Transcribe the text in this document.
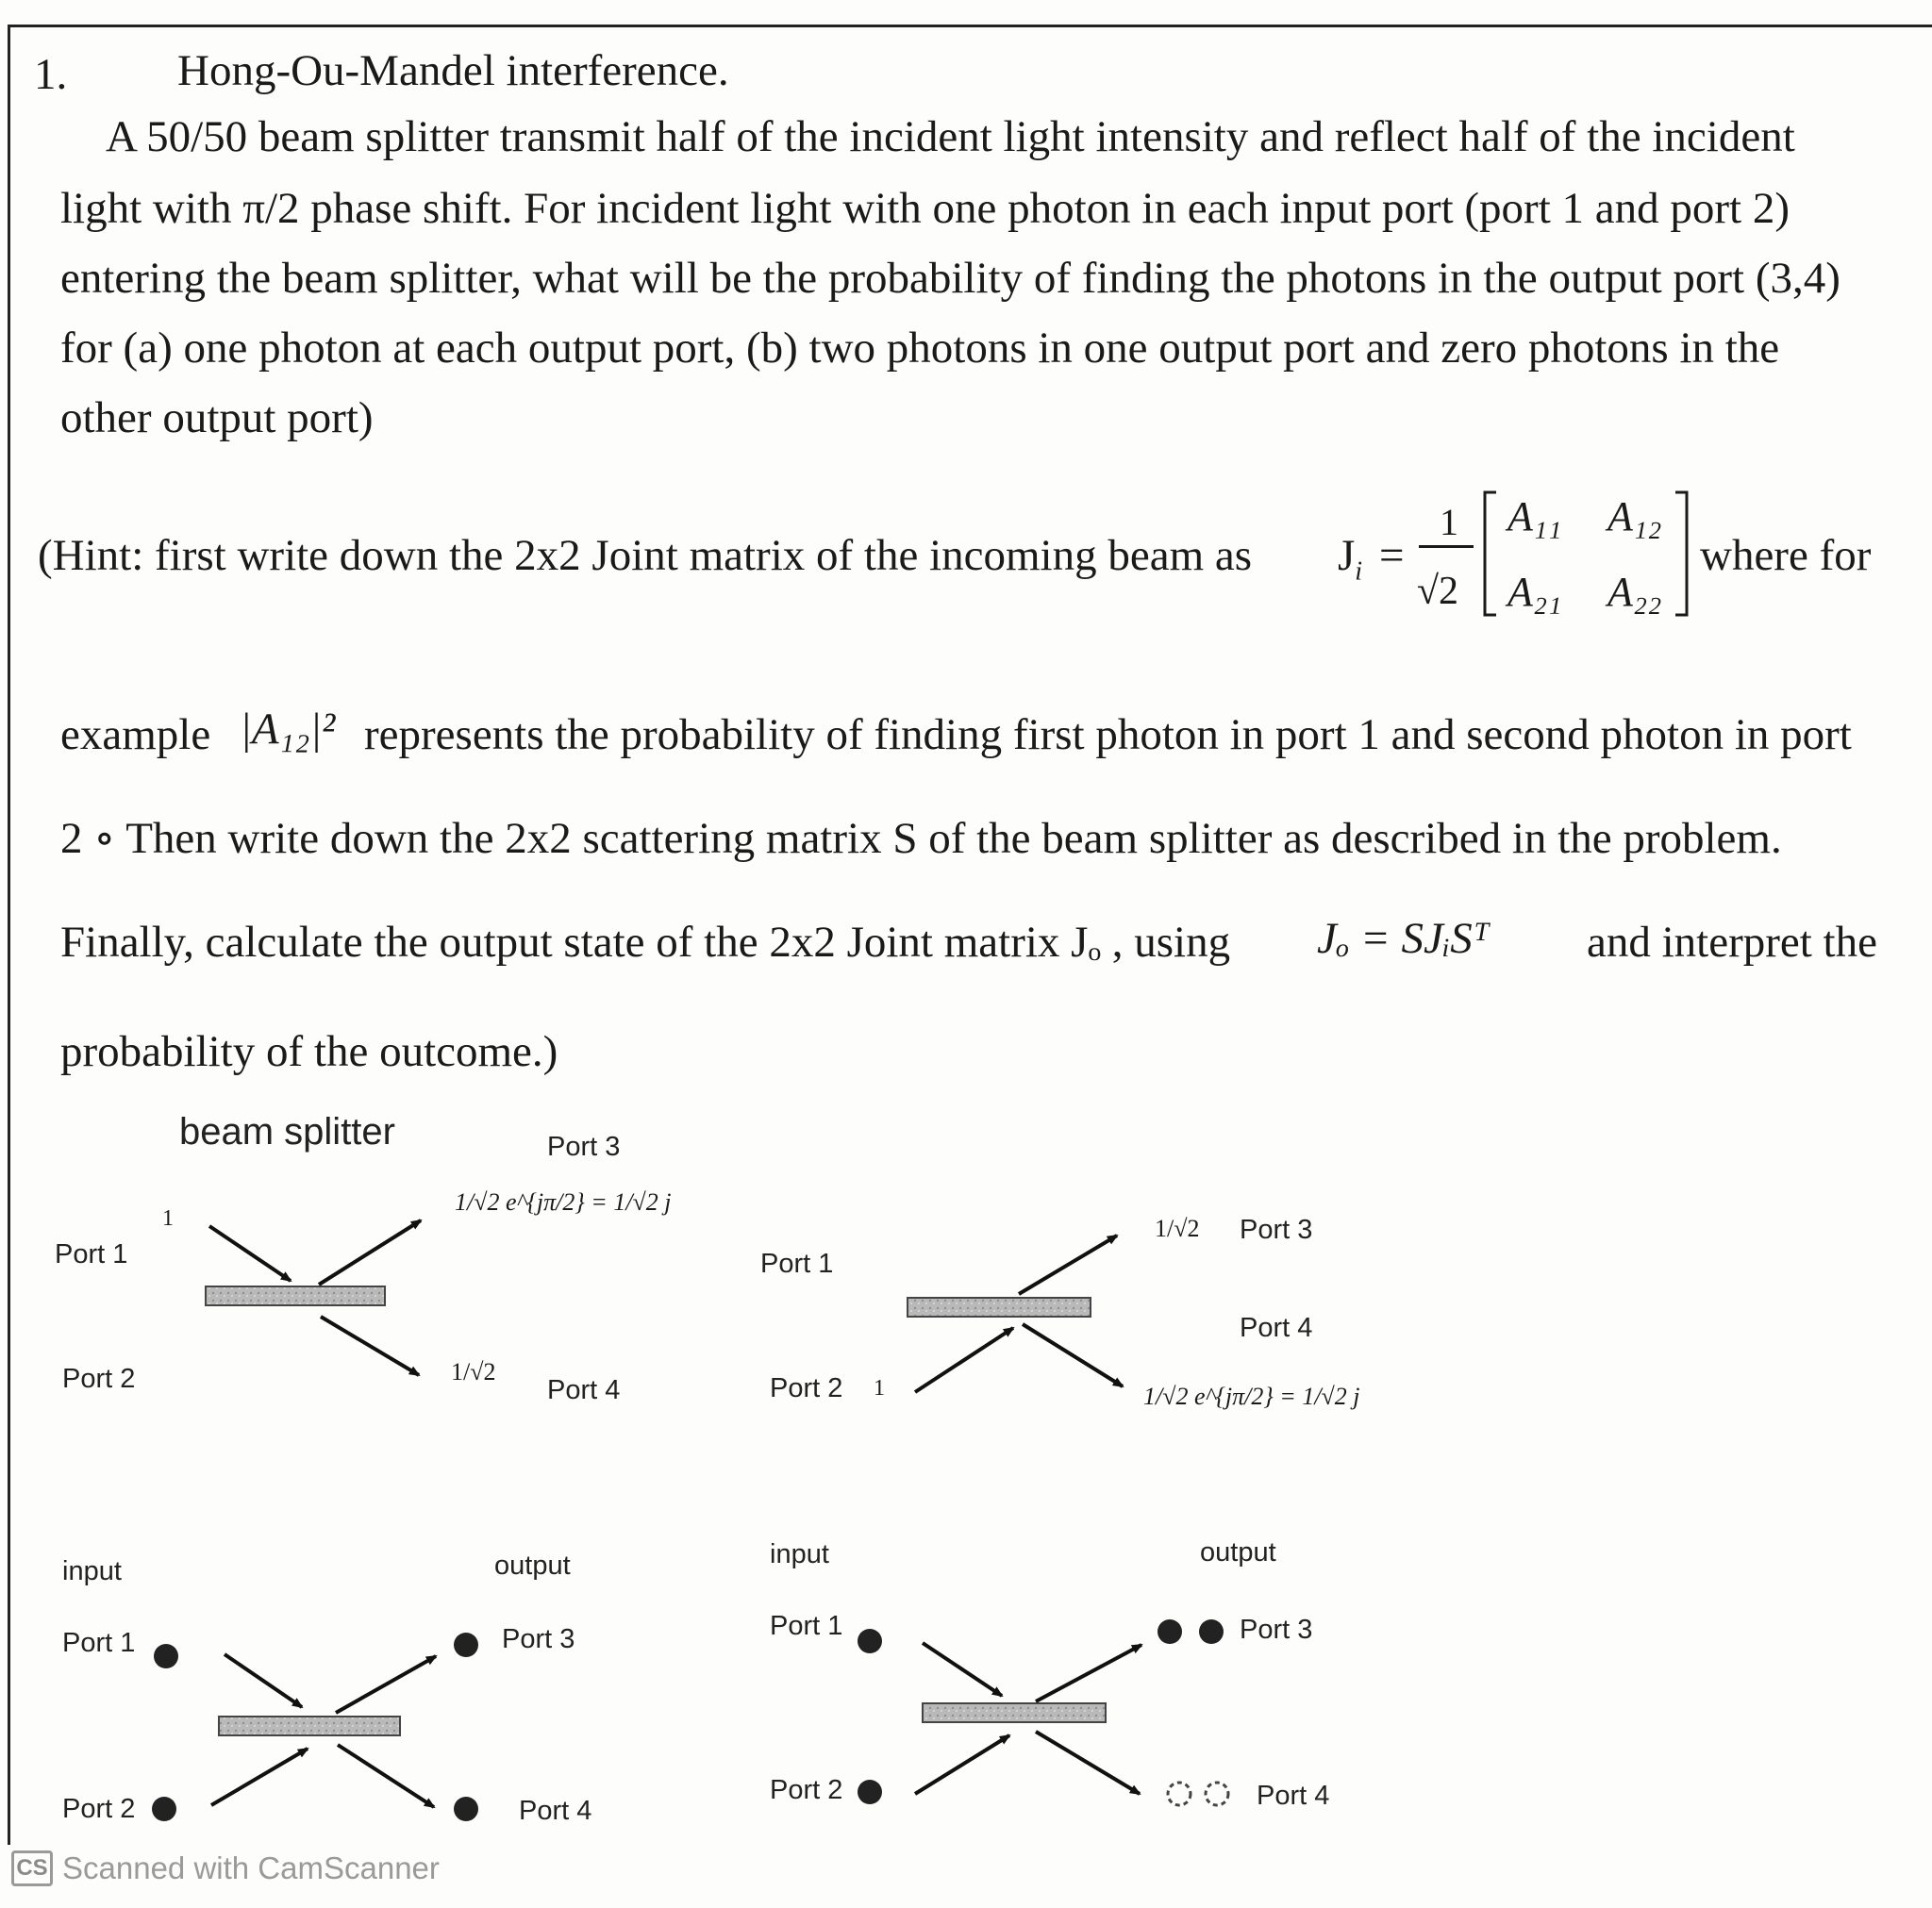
1. Hong-Ou-Mandel interference.
A 50/50 beam splitter transmit half of the incident light intensity and reflect half of the incident
light with π/2 phase shift. For incident light with one photon in each input port (port 1 and port 2)
entering the beam splitter, what will be the probability of finding the photons in the output port (3,4)
for (a) one photon at each output port, (b) two photons in one output port and zero photons in the
other output port)
(Hint: first write down the 2x2 Joint matrix of the incoming beam as $J_i$ =
1
√2
A₁₁ A₁₂
A₂₁ A₂₂
where for
example |A₁₂|² represents the probability of finding first photon in port 1 and second photon in port
2 ∘ Then write down the 2x2 scattering matrix S of the beam splitter as described in the problem.
Finally, calculate the output state of the 2x2 Joint matrix Jₒ , using Jₒ = SJᵢSᵀ and interpret the
probability of the outcome.)
beam splitter
Port 1
Port 2
Port 3
Port 4
1
1/√2 e^{jπ/2} = 1/√2 j
1/√2
Port 1
Port 2
Port 3
Port 4
1
1/√2
1/√2 e^{jπ/2} = 1/√2 j
input	output
Port 1
Port 2
Port 3
Port 4
input	output
Port 1
Port 2
Port 3
Port 4
CS Scanned with CamScanner
